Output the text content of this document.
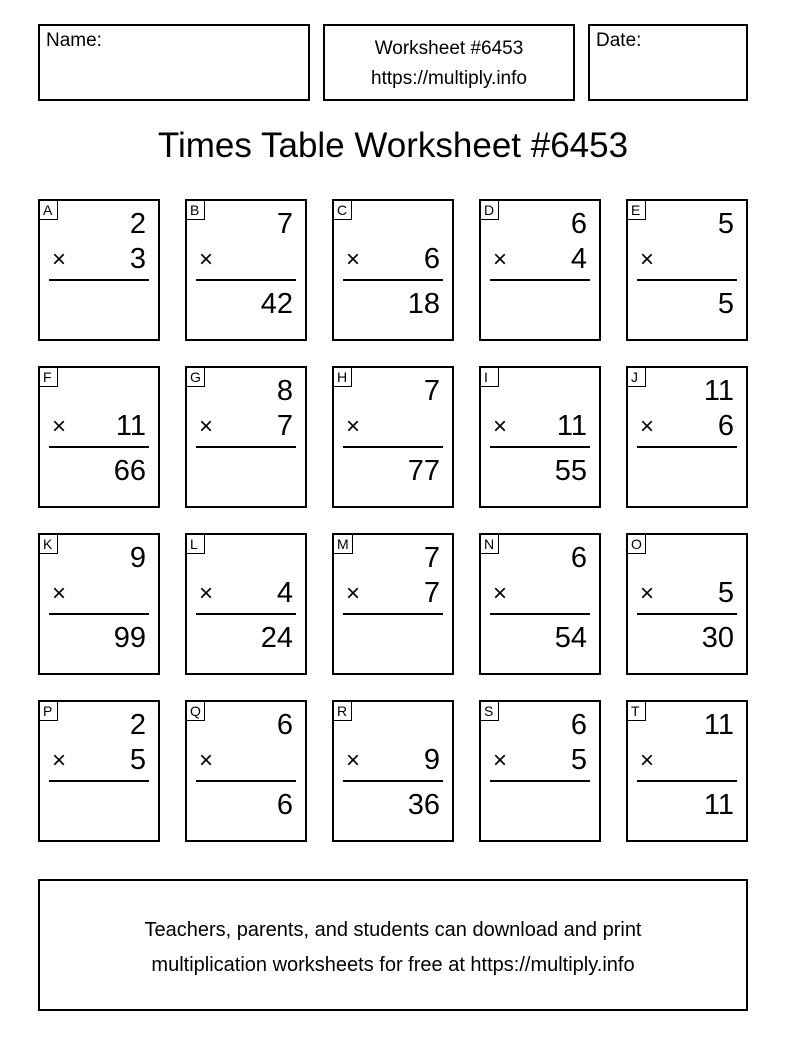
Name:	Worksheet #6453
https://multiply.info
Date:
Times Table Worksheet #6453
A	2
× 3
B	7
×
42
C
× 6
18
D	6
× 4
E	5
×
5
F
× 11
66
G	8
× 7
H	7
×
77
I
× 11
55
J 11
× 6
K	9
×
99
L
× 4
24
M	7
× 7
N	6
×
54
O
× 5
30
P	2
× 5
Q	6
×
6
R
× 9
36
S	6
× 5
T 11
×
11
Teachers, parents, and students can download and print
multiplication worksheets for free at https://multiply.info
